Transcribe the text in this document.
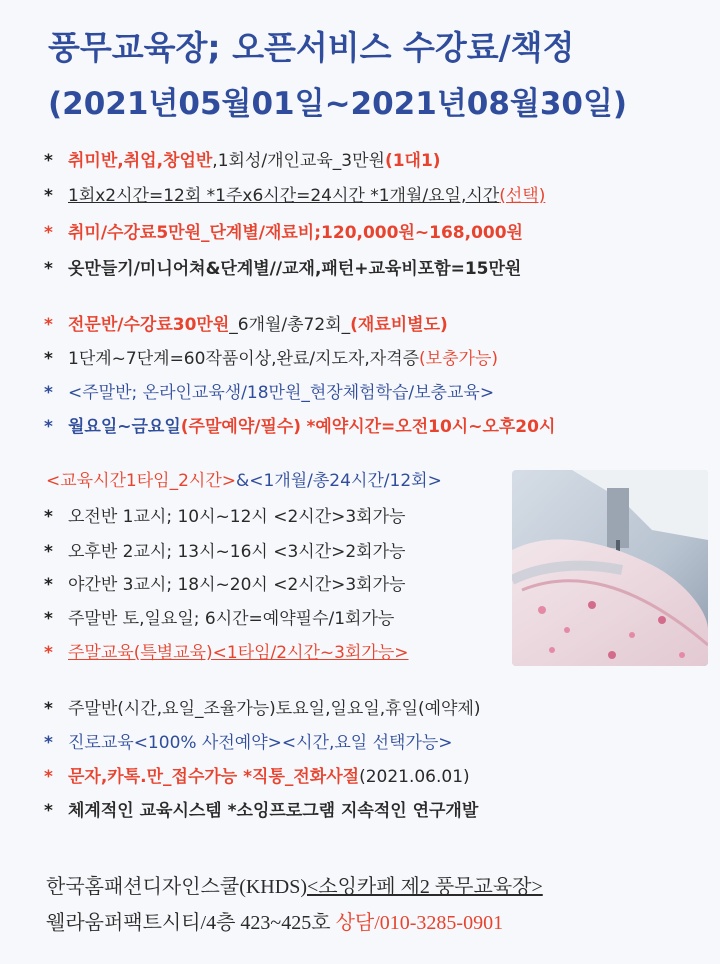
풍무교육장; 오픈서비스 수강료/책정
(2021년05월01일~2021년08월30일)
* 취미반,취업,창업반,1회성/개인교육_3만원(1대1)
* 1회x2시간=12회 *1주x6시간=24시간 *1개월/요일,시간(선택)
* 취미/수강료5만원_단계별/재료비;120,000원~168,000원
* 옷만들기/미니어쳐&단계별//교재,패턴+교육비포함=15만원
* 전문반/수강료30만원_6개월/총72회_(재료비별도)
* 1단계~7단계=60작품이상,완료/지도자,자격증(보충가능)
* <주말반; 온라인교육생/18만원_현장체험학습/보충교육>
* 월요일~금요일(주말예약/필수) *예약시간=오전10시~오후20시
<교육시간1타임_2시간>&<1개월/총24시간/12회>
* 오전반 1교시; 10시~12시 <2시간>3회가능
* 오후반 2교시; 13시~16시 <3시간>2회가능
* 야간반 3교시; 18시~20시 <2시간>3회가능
* 주말반 토,일요일; 6시간=예약필수/1회가능
* 주말교육(특별교육)<1타임/2시간~3회가능>
* 주말반(시간,요일_조율가능)토요일,일요일,휴일(예약제)
* 진로교육<100% 사전예약><시간,요일 선택가능>
* 문자,카톡.만_접수가능 *직통_전화사절(2021.06.01)
* 체계적인 교육시스템 *소잉프로그램 지속적인 연구개발
한국홈패션디자인스쿨(KHDS)<소잉카페 제2 풍무교육장>
웰라움퍼팩트시티/4층 423~425호 상담/010-3285-0901
